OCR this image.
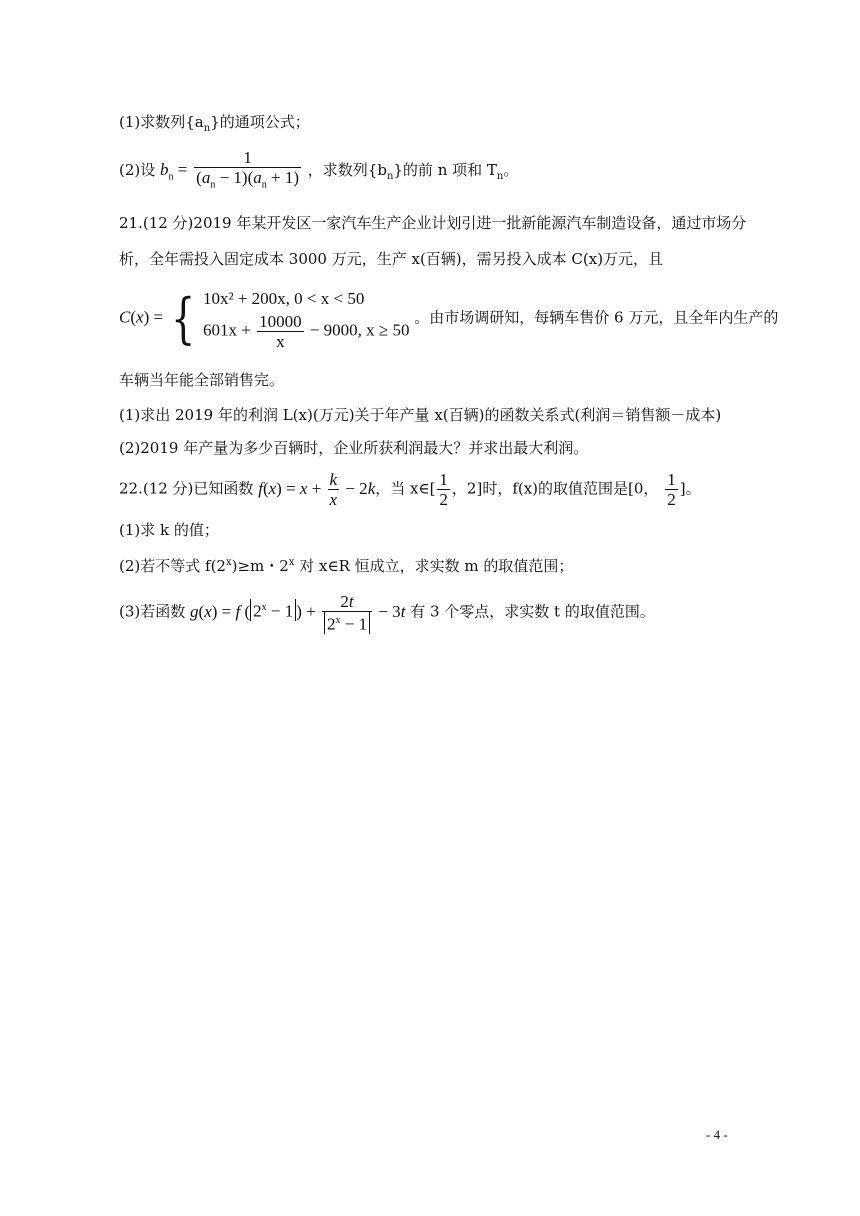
(1)求数列$\{a_n\}$的通项公式；
(2)设 $b_n = \frac{1}{(a_n - 1)(a_n + 1)}$ ，求数列$\{b_n\}$的前 n 项和 $T_n$。
21.(12 分)2019 年某开发区一家汽车生产企业计划引进一批新能源汽车制造设备，通过市场分
析，全年需投入固定成本 3000 万元，生产 x(百辆)，需另投入成本 C(x)万元，且
C(x) = { 10x² + 200x, 0 < x < 50
$601x + \frac{10000}{x} - 9000$, x ≥ 50
。由市场调研知，每辆车售价 6 万元，且全年内生产的
车辆当年能全部销售完。
(1)求出 2019 年的利润 L(x)(万元)关于年产量 x(百辆)的函数关系式(利润＝销售额－成本)
(2)2019 年产量为多少百辆时，企业所获利润最大？并求出最大利润。
22.(12 分)已知函数 $f(x) = x + \frac{k}{x} - 2k$，当 x∈[ $\frac{1}{2}$ ，2]时，f(x)的取值范围是[0， $\frac{1}{2}$ ]。
(1)求 k 的值；
(2)若不等式 $f(2^x)\ge m$・2$^x$ 对 x∈R 恒成立，求实数 m 的取值范围；
(3)若函数 g(x) = f ( $2^x - 1$ ) + $\frac{2t}{2^x - 1} - 3t$ 有 3 个零点，求实数 t 的取值范围。
- 4 -
